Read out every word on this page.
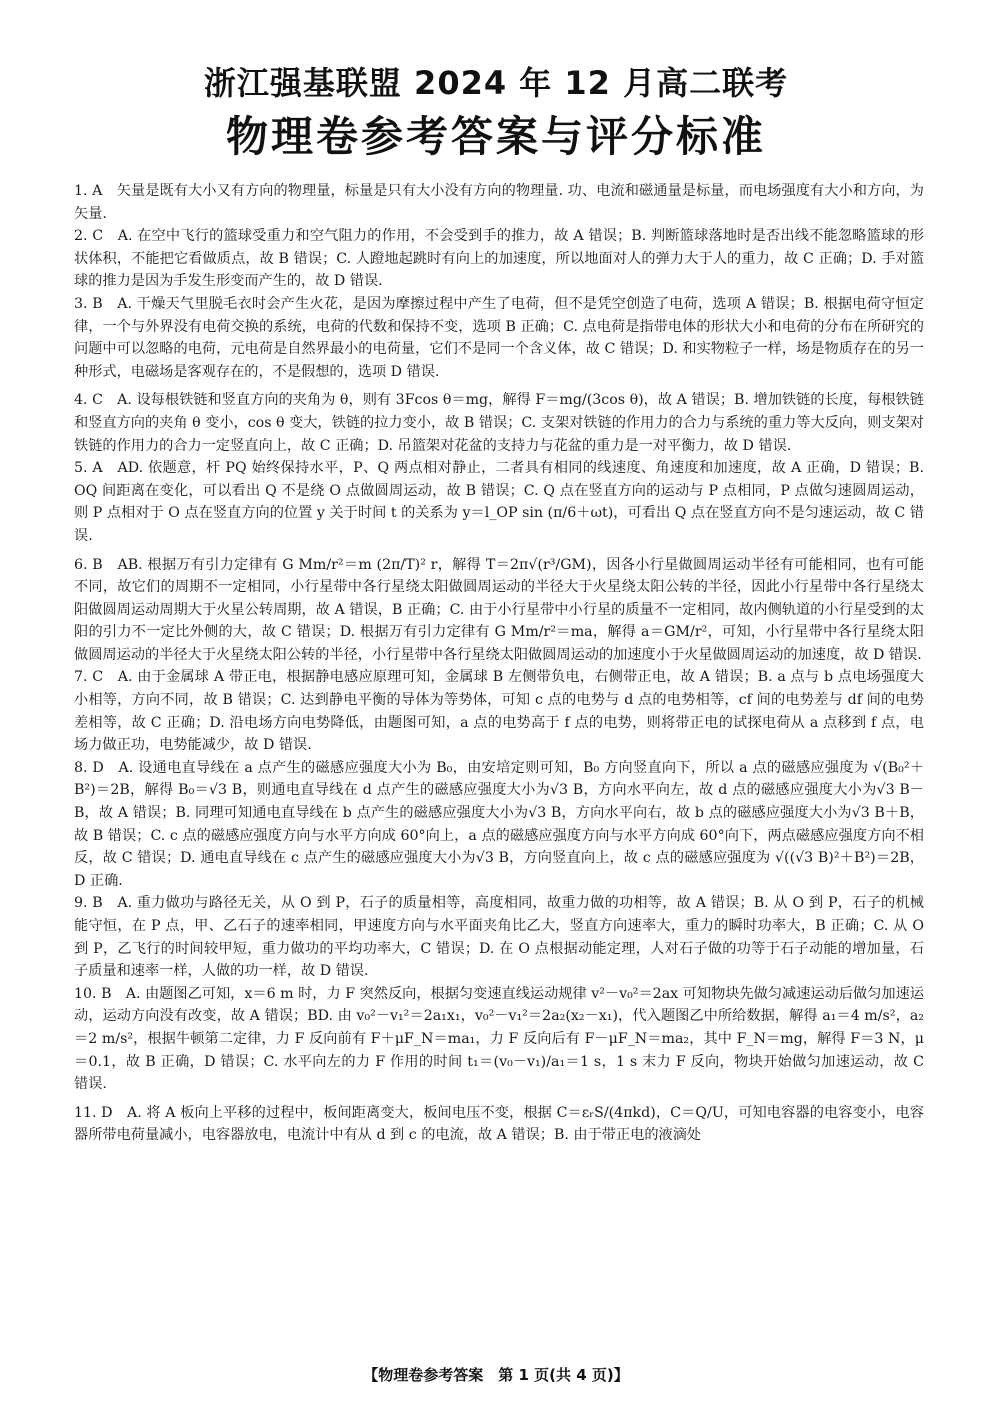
浙江强基联盟 2024 年 12 月高二联考
物理卷参考答案与评分标准

1. A　 矢量是既有大小又有方向的物理量，标量是只有大小没有方向的物理量. 功、电流和磁通量是标量，而电场强度有大小和方向，为矢量.

2. C　 A. 在空中飞行的篮球受重力和空气阻力的作用，不会受到手的推力，故 A 错误；B. 判断篮球落地时是否出线不能忽略篮球的形状体积，不能把它看做质点，故 B 错误；C. 人蹬地起跳时有向上的加速度，所以地面对人的弹力大于人的重力，故 C 正确；D. 手对篮球的推力是因为手发生形变而产生的，故 D 错误.

3. B　 A. 干燥天气里脱毛衣时会产生火花，是因为摩擦过程中产生了电荷，但不是凭空创造了电荷，选项 A 错误；B. 根据电荷守恒定律，一个与外界没有电荷交换的系统，电荷的代数和保持不变，选项 B 正确；C. 点电荷是指带电体的形状大小和电荷的分布在所研究的问题中可以忽略的电荷，元电荷是自然界最小的电荷量，它们不是同一个含义体，故 C 错误；D. 和实物粒子一样，场是物质存在的另一种形式，电磁场是客观存在的，不是假想的，选项 D 错误.

4. C　 A. 设每根铁链和竖直方向的夹角为 θ，则有 3Fcos θ＝mg，解得 F＝mg/(3cos θ)，故 A 错误；B. 增加铁链的长度，每根铁链和竖直方向的夹角 θ 变小，cos θ 变大，铁链的拉力变小，故 B 错误；C. 支架对铁链的作用力的合力与系统的重力等大反向，则支架对铁链的作用力的合力一定竖直向上，故 C 正确；D. 吊篮架对花盆的支持力与花盆的重力是一对平衡力，故 D 错误.

5. A　 AD. 依题意，杆 PQ 始终保持水平，P、Q 两点相对静止，二者具有相同的线速度、角速度和加速度，故 A 正确，D 错误；B. OQ 间距离在变化，可以看出 Q 不是绕 O 点做圆周运动，故 B 错误；C. Q 点在竖直方向的运动与 P 点相同，P 点做匀速圆周运动，则 P 点相对于 O 点在竖直方向的位置 y 关于时间 t 的关系为 y＝l_OP sin (π/6＋ωt)，可看出 Q 点在竖直方向不是匀速运动，故 C 错误.

6. B　 AB. 根据万有引力定律有 G Mm/r²＝m (2π/T)² r，解得 T＝2π√(r³/GM)，因各小行星做圆周运动半径有可能相同，也有可能不同，故它们的周期不一定相同，小行星带中各行星绕太阳做圆周运动的半径大于火星绕太阳公转的半径，因此小行星带中各行星绕太阳做圆周运动周期大于火星公转周期，故 A 错误，B 正确；C. 由于小行星带中小行星的质量不一定相同，故内侧轨道的小行星受到的太阳的引力不一定比外侧的大，故 C 错误；D. 根据万有引力定律有 G Mm/r²＝ma，解得 a＝GM/r²，可知，小行星带中各行星绕太阳做圆周运动的半径大于火星绕太阳公转的半径，小行星带中各行星绕太阳做圆周运动的加速度小于火星做圆周运动的加速度，故 D 错误.

7. C　 A. 由于金属球 A 带正电，根据静电感应原理可知，金属球 B 左侧带负电，右侧带正电，故 A 错误；B. a 点与 b 点电场强度大小相等，方向不同，故 B 错误；C. 达到静电平衡的导体为等势体，可知 c 点的电势与 d 点的电势相等，cf 间的电势差与 df 间的电势差相等，故 C 正确；D. 沿电场方向电势降低，由题图可知，a 点的电势高于 f 点的电势，则将带正电的试探电荷从 a 点移到 f 点，电场力做正功，电势能减少，故 D 错误.

8. D　 A. 设通电直导线在 a 点产生的磁感应强度大小为 B₀，由安培定则可知，B₀ 方向竖直向下，所以 a 点的磁感应强度为 √(B₀²＋B²)＝2B，解得 B₀＝√3 B，则通电直导线在 d 点产生的磁感应强度大小为√3 B，方向水平向左，故 d 点的磁感应强度大小为√3 B－B，故 A 错误；B. 同理可知通电直导线在 b 点产生的磁感应强度大小为√3 B，方向水平向右，故 b 点的磁感应强度大小为√3 B＋B，故 B 错误；C. c 点的磁感应强度方向与水平方向成 60°向上，a 点的磁感应强度方向与水平方向成 60°向下，两点磁感应强度方向不相反，故 C 错误；D. 通电直导线在 c 点产生的磁感应强度大小为√3 B，方向竖直向上，故 c 点的磁感应强度为 √((√3 B)²＋B²)＝2B，D 正确.

9. B　 A. 重力做功与路径无关，从 O 到 P，石子的质量相等，高度相同，故重力做的功相等，故 A 错误；B. 从 O 到 P，石子的机械能守恒，在 P 点，甲、乙石子的速率相同，甲速度方向与水平面夹角比乙大，竖直方向速率大，重力的瞬时功率大，B 正确；C. 从 O 到 P，乙飞行的时间较甲短，重力做功的平均功率大，C 错误；D. 在 O 点根据动能定理，人对石子做的功等于石子动能的增加量，石子质量和速率一样，人做的功一样，故 D 错误.

10. B　 A. 由题图乙可知，x＝6 m 时，力 F 突然反向，根据匀变速直线运动规律 v²－v₀²＝2ax 可知物块先做匀减速运动后做匀加速运动，运动方向没有改变，故 A 错误；BD. 由 v₀²－v₁²＝2a₁x₁，v₀²－v₁²＝2a₂(x₂－x₁)，代入题图乙中所给数据，解得 a₁＝4 m/s²，a₂＝2 m/s²，根据牛顿第二定律，力 F 反向前有 F＋μF_N＝ma₁，力 F 反向后有 F－μF_N＝ma₂，其中 F_N＝mg，解得 F＝3 N，μ＝0.1，故 B 正确，D 错误；C. 水平向左的力 F 作用的时间 t₁＝(v₀－v₁)/a₁＝1 s，1 s 末力 F 反向，物块开始做匀加速运动，故 C 错误.

11. D　 A. 将 A 板向上平移的过程中，板间距离变大，板间电压不变，根据 C＝εᵣS/(4πkd)，C＝Q/U，可知电容器的电容变小，电容器所带电荷量减小，电容器放电，电流计中有从 d 到 c 的电流，故 A 错误；B. 由于带正电的液滴处

【物理卷参考答案　第 1 页(共 4 页)】
